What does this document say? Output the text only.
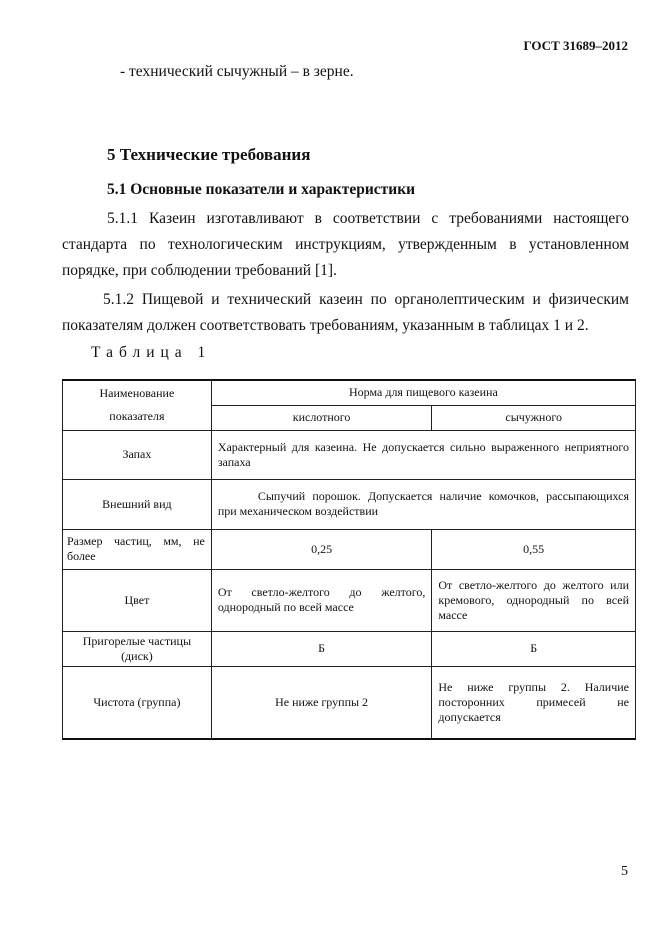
ГОСТ 31689–2012

- технический сычужный – в зерне.

5 Технические требования

5.1 Основные показатели и характеристики

5.1.1 Казеин изготавливают в соответствии с требованиями настоящего

стандарта по технологическим инструкциям, утвержденным в установленном

порядке, при соблюдении требований [1].

5.1.2 Пищевой и технический казеин по органолептическим и физическим

показателям должен соответствовать требованиям, указанным в таблицах 1 и 2.

Таблица 1
Наименование
показателя	Норма для пищевого казеина	
	кислотного	сычужного
Запах	Характерный для казеина. Не допускается сильно выраженного неприятного запаха	
Внешний вид	Сыпучий порошок. Допускается наличие комочков, рассыпающихся при механическом воздействии	
Размер частиц, мм, не более	0,25	0,55
Цвет	От светло-желтого до желтого, однородный по всей массе	От светло-желтого до желтого или кремового, однородный по всей массе
Пригорелые частицы (диск)	Б	Б
Чистота (группа)	Не ниже группы 2	Не ниже группы 2. Наличие посторонних примесей не допускается
5
